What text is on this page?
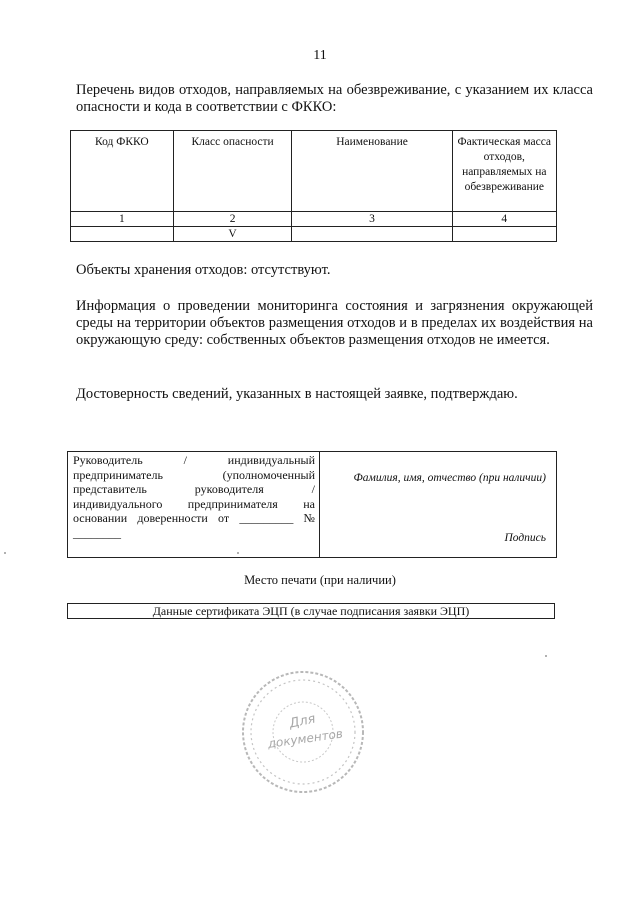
11
Перечень видов отходов, направляемых на обезвреживание, с указанием их класса опасности и кода в соответствии с ФККО:
Код ФККО	Класс опасности	Наименование	Фактическая масса отходов, направляемых на обезвреживание
1	2	3	4
	V		
Объекты хранения отходов: отсутствуют.
Информация о проведении мониторинга состояния и загрязнения окружающей среды на территории объектов размещения отходов и в пределах их воздействия на окружающую среду: собственных объектов размещения отходов не имеется.
Достоверность сведений, указанных в настоящей заявке, подтверждаю.
Руководитель / индивидуальный предприниматель (уполномоченный представитель руководителя / индивидуального предпринимателя на основании доверенности от _________ № ________	
Фамилия, имя, отчество (при наличии)
Подпись
Место печати (при наличии)
Данные сертификата ЭЦП (в случае подписания заявки ЭЦП)
Для
документов
